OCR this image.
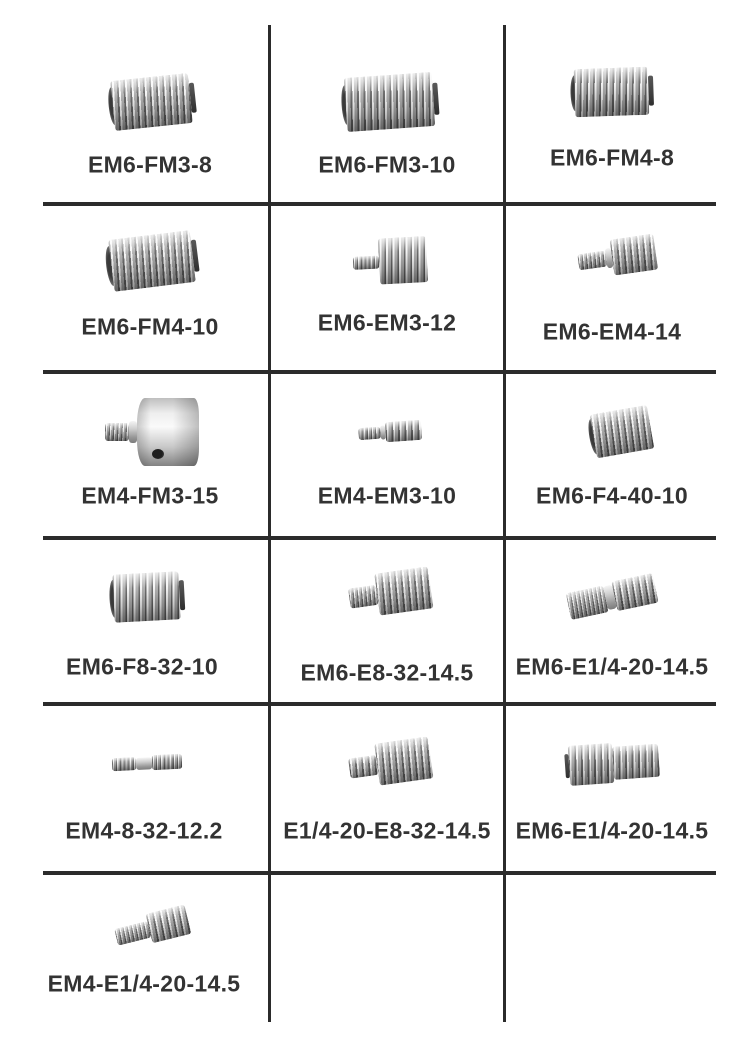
EM6-FM3-8	EM6-FM3-10	EM6-FM4-8
EM6-FM4-10	EM6-EM3-12	EM6-EM4-14
EM4-FM3-15	EM4-EM3-10	EM6-F4-40-10
EM6-F8-32-10	EM6-E8-32-14.5 EM6-E1/4-20-14.5
EM4-8-32-12.2	E1/4-20-E8-32-14.5 EM6-E1/4-20-14.5
EM4-E1/4-20-14.5
